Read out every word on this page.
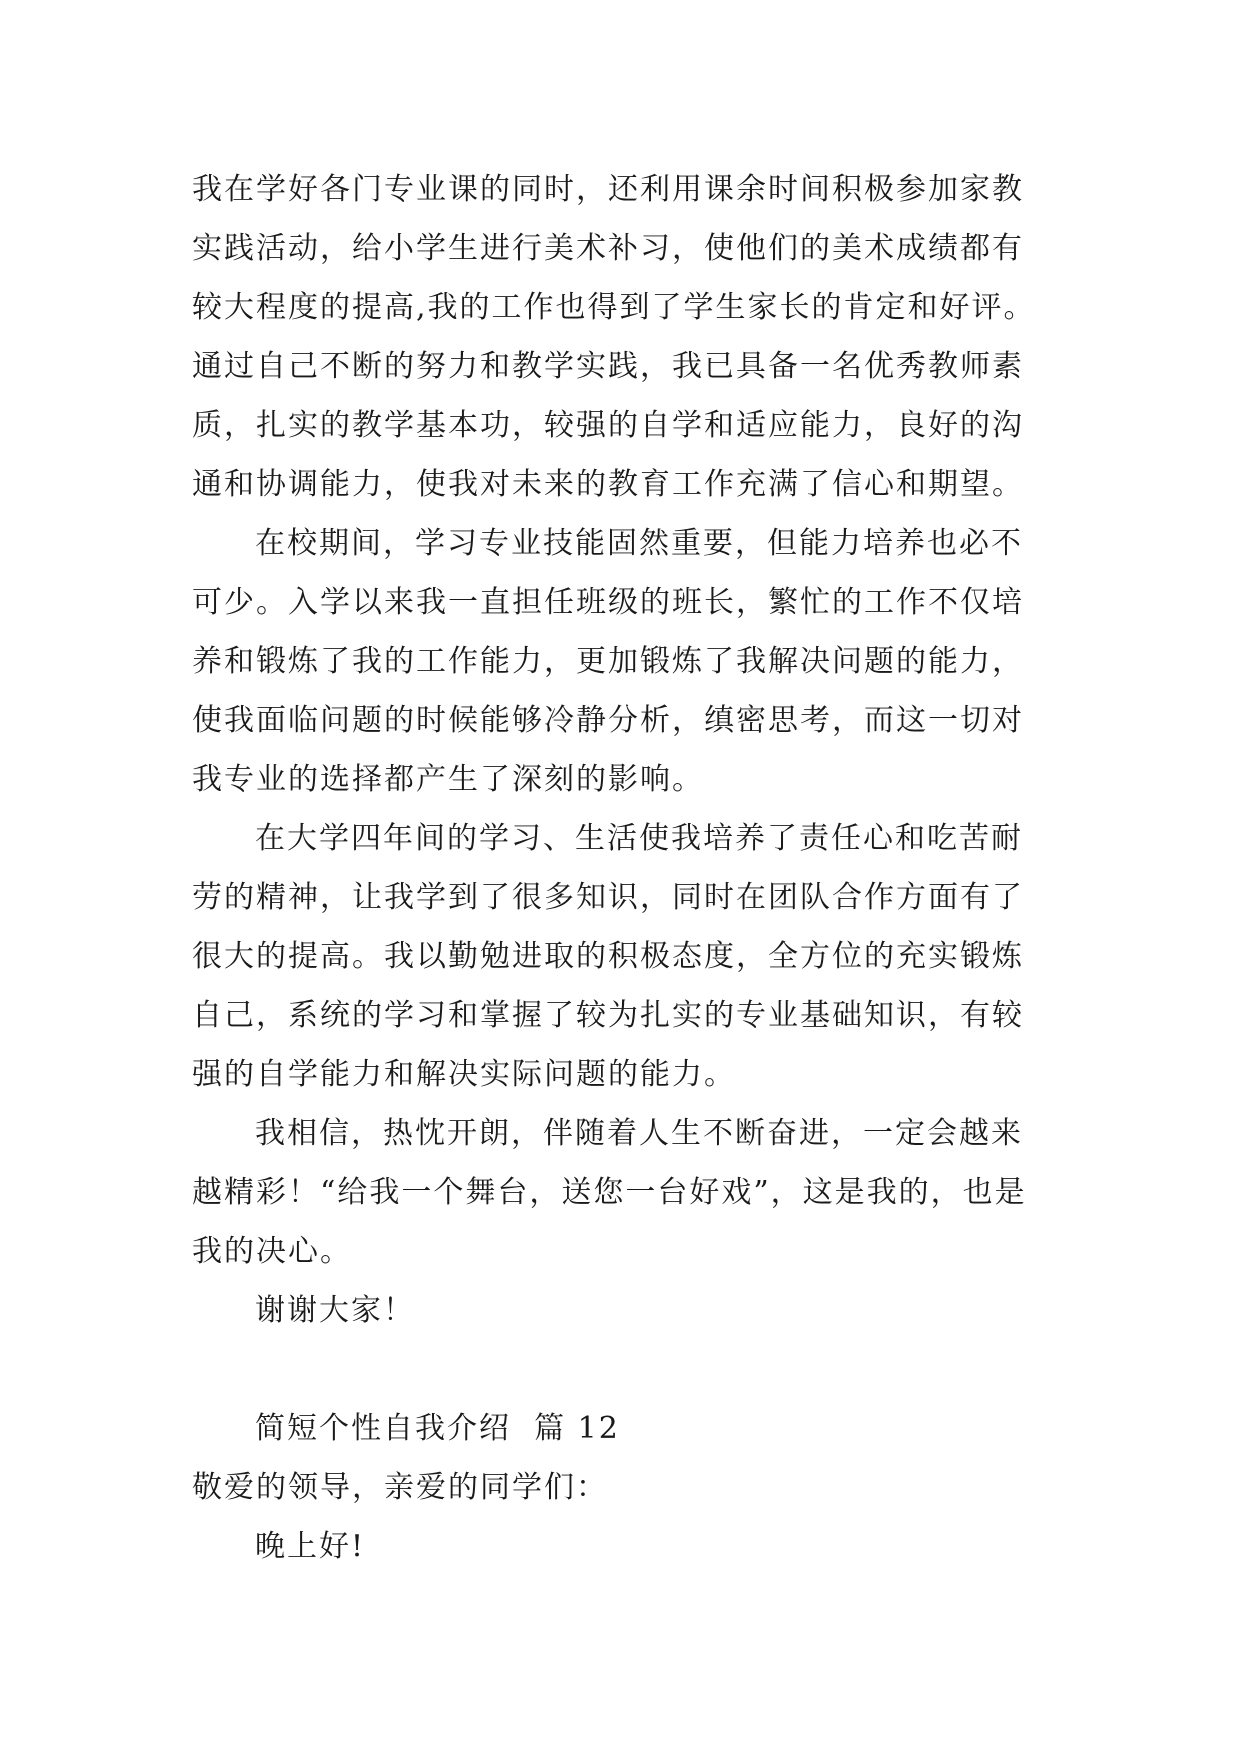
我在学好各门专业课的同时，还利用课余时间积极参加家教
实践活动，给小学生进行美术补习，使他们的美术成绩都有
较大程度的提高,我的工作也得到了学生家长的肯定和好评。
通过自己不断的努力和教学实践，我已具备一名优秀教师素
质，扎实的教学基本功，较强的自学和适应能力，良好的沟
通和协调能力，使我对未来的教育工作充满了信心和期望。
在校期间，学习专业技能固然重要，但能力培养也必不
可少。入学以来我一直担任班级的班长，繁忙的工作不仅培
养和锻炼了我的工作能力，更加锻炼了我解决问题的能力，
使我面临问题的时候能够冷静分析，缜密思考，而这一切对
我专业的选择都产生了深刻的影响。
在大学四年间的学习、生活使我培养了责任心和吃苦耐
劳的精神，让我学到了很多知识，同时在团队合作方面有了
很大的提高。我以勤勉进取的积极态度，全方位的充实锻炼
自己，系统的学习和掌握了较为扎实的专业基础知识，有较
强的自学能力和解决实际问题的能力。
我相信，热忱开朗，伴随着人生不断奋进，一定会越来
越精彩！“给我一个舞台，送您一台好戏”，这是我的，也是
我的决心。
谢谢大家！
简短个性自我介绍  篇 12
敬爱的领导，亲爱的同学们：
晚上好!
